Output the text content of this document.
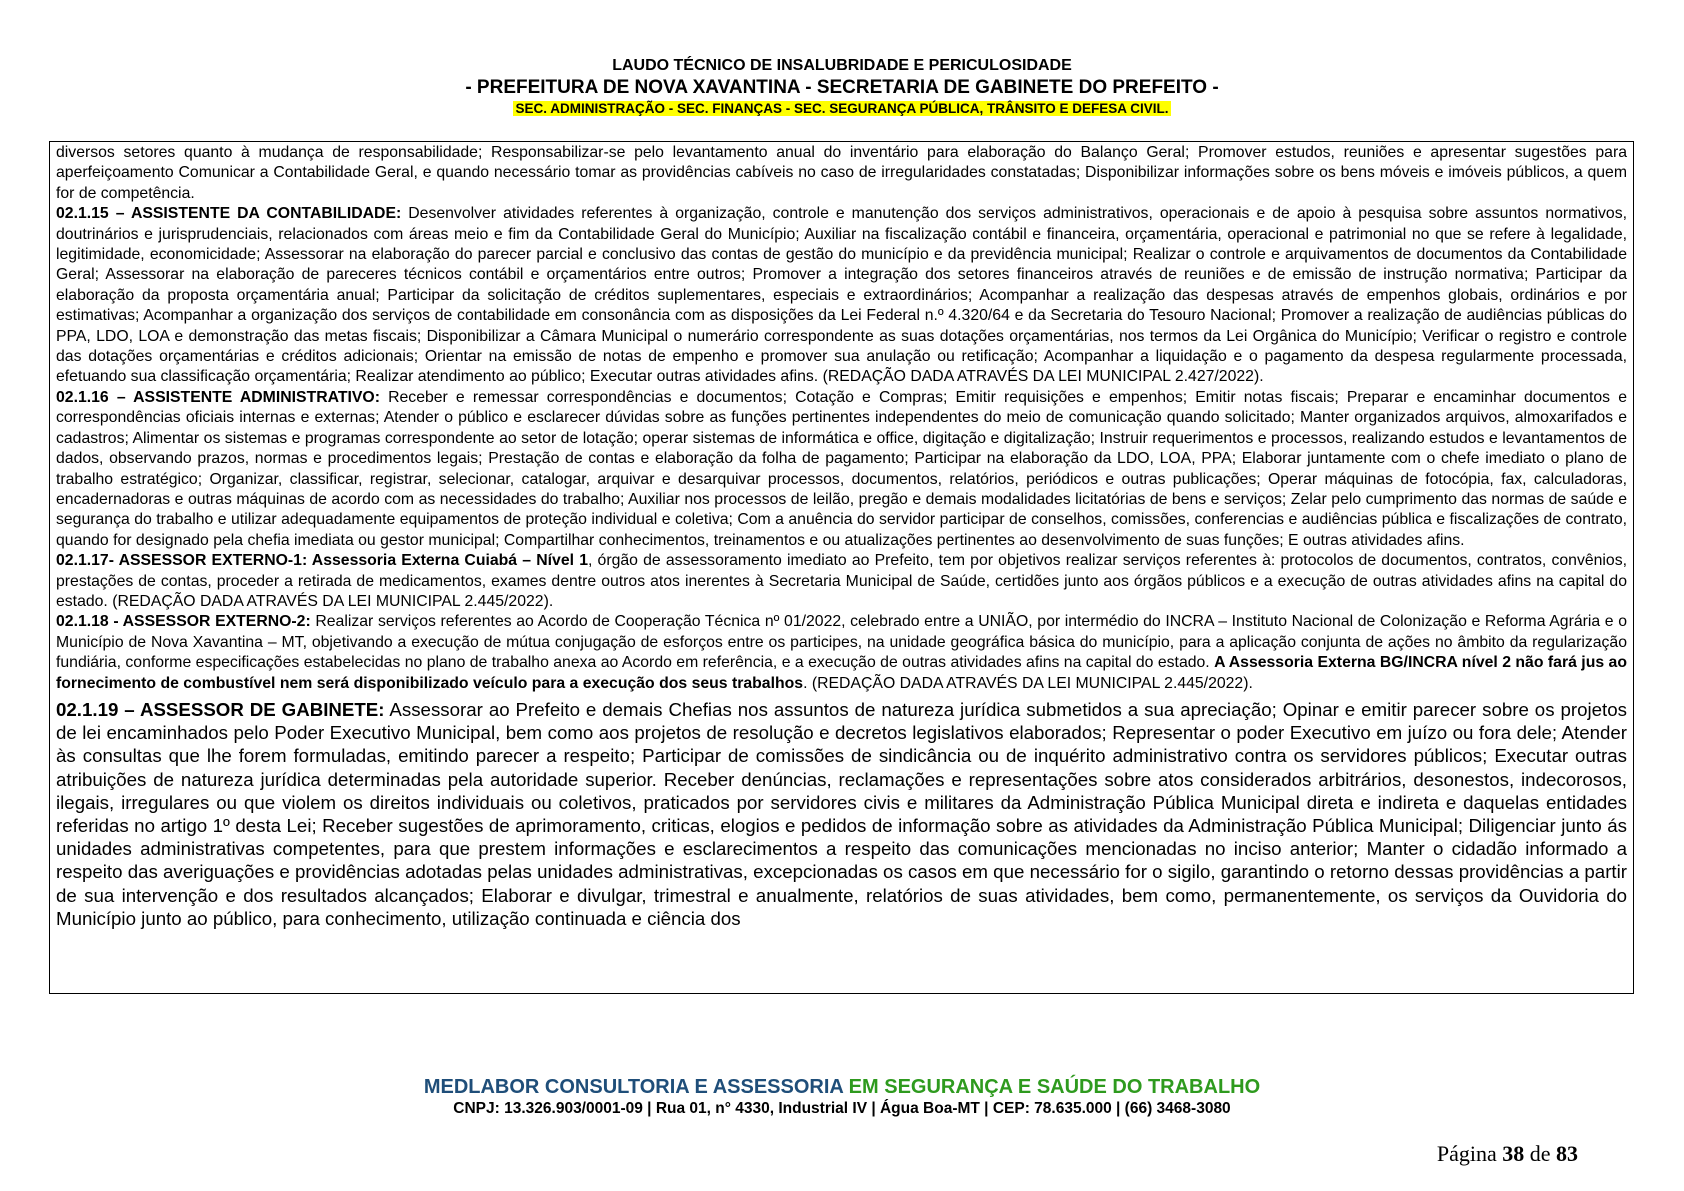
LAUDO TÉCNICO DE INSALUBRIDADE E PERICULOSIDADE
- PREFEITURA DE NOVA XAVANTINA - SECRETARIA DE GABINETE DO PREFEITO -
SEC. ADMINISTRAÇÃO - SEC. FINANÇAS - SEC. SEGURANÇA PÚBLICA, TRÂNSITO E DEFESA CIVIL.

diversos setores quanto à mudança de responsabilidade; Responsabilizar-se pelo levantamento anual do inventário para elaboração do Balanço Geral; Promover estudos, reuniões e apresentar sugestões para aperfeiçoamento Comunicar a Contabilidade Geral, e quando necessário tomar as providências cabíveis no caso de irregularidades constatadas; Disponibilizar informações sobre os bens móveis e imóveis públicos, a quem for de competência.

02.1.15 – ASSISTENTE DA CONTABILIDADE: Desenvolver atividades referentes à organização, controle e manutenção dos serviços administrativos, operacionais e de apoio à pesquisa sobre assuntos normativos, doutrinários e jurisprudenciais, relacionados com áreas meio e fim da Contabilidade Geral do Município; Auxiliar na fiscalização contábil e financeira, orçamentária, operacional e patrimonial no que se refere à legalidade, legitimidade, economicidade; Assessorar na elaboração do parecer parcial e conclusivo das contas de gestão do município e da previdência municipal; Realizar o controle e arquivamentos de documentos da Contabilidade Geral; Assessorar na elaboração de pareceres técnicos contábil e orçamentários entre outros; Promover a integração dos setores financeiros através de reuniões e de emissão de instrução normativa; Participar da elaboração da proposta orçamentária anual; Participar da solicitação de créditos suplementares, especiais e extraordinários; Acompanhar a realização das despesas através de empenhos globais, ordinários e por estimativas; Acompanhar a organização dos serviços de contabilidade em consonância com as disposições da Lei Federal n.º 4.320/64 e da Secretaria do Tesouro Nacional; Promover a realização de audiências públicas do PPA, LDO, LOA e demonstração das metas fiscais; Disponibilizar a Câmara Municipal o numerário correspondente as suas dotações orçamentárias, nos termos da Lei Orgânica do Município; Verificar o registro e controle das dotações orçamentárias e créditos adicionais; Orientar na emissão de notas de empenho e promover sua anulação ou retificação; Acompanhar a liquidação e o pagamento da despesa regularmente processada, efetuando sua classificação orçamentária; Realizar atendimento ao público; Executar outras atividades afins. (REDAÇÃO DADA ATRAVÉS DA LEI MUNICIPAL 2.427/2022).

02.1.16 – ASSISTENTE ADMINISTRATIVO: Receber e remessar correspondências e documentos; Cotação e Compras; Emitir requisições e empenhos; Emitir notas fiscais; Preparar e encaminhar documentos e correspondências oficiais internas e externas; Atender o público e esclarecer dúvidas sobre as funções pertinentes independentes do meio de comunicação quando solicitado; Manter organizados arquivos, almoxarifados e cadastros; Alimentar os sistemas e programas correspondente ao setor de lotação; operar sistemas de informática e office, digitação e digitalização; Instruir requerimentos e processos, realizando estudos e levantamentos de dados, observando prazos, normas e procedimentos legais; Prestação de contas e elaboração da folha de pagamento; Participar na elaboração da LDO, LOA, PPA; Elaborar juntamente com o chefe imediato o plano de trabalho estratégico; Organizar, classificar, registrar, selecionar, catalogar, arquivar e desarquivar processos, documentos, relatórios, periódicos e outras publicações; Operar máquinas de fotocópia, fax, calculadoras, encadernadoras e outras máquinas de acordo com as necessidades do trabalho; Auxiliar nos processos de leilão, pregão e demais modalidades licitatórias de bens e serviços; Zelar pelo cumprimento das normas de saúde e segurança do trabalho e utilizar adequadamente equipamentos de proteção individual e coletiva; Com a anuência do servidor participar de conselhos, comissões, conferencias e audiências pública e fiscalizações de contrato, quando for designado pela chefia imediata ou gestor municipal; Compartilhar conhecimentos, treinamentos e ou atualizações pertinentes ao desenvolvimento de suas funções; E outras atividades afins.

02.1.17- ASSESSOR EXTERNO-1: Assessoria Externa Cuiabá – Nível 1, órgão de assessoramento imediato ao Prefeito, tem por objetivos realizar serviços referentes à: protocolos de documentos, contratos, convênios, prestações de contas, proceder a retirada de medicamentos, exames dentre outros atos inerentes à Secretaria Municipal de Saúde, certidões junto aos órgãos públicos e a execução de outras atividades afins na capital do estado. (REDAÇÃO DADA ATRAVÉS DA LEI MUNICIPAL 2.445/2022).

02.1.18 - ASSESSOR EXTERNO-2: Realizar serviços referentes ao Acordo de Cooperação Técnica nº 01/2022, celebrado entre a UNIÃO, por intermédio do INCRA – Instituto Nacional de Colonização e Reforma Agrária e o Município de Nova Xavantina – MT, objetivando a execução de mútua conjugação de esforços entre os participes, na unidade geográfica básica do município, para a aplicação conjunta de ações no âmbito da regularização fundiária, conforme especificações estabelecidas no plano de trabalho anexa ao Acordo em referência, e a execução de outras atividades afins na capital do estado. A Assessoria Externa BG/INCRA nível 2 não fará jus ao fornecimento de combustível nem será disponibilizado veículo para a execução dos seus trabalhos. (REDAÇÃO DADA ATRAVÉS DA LEI MUNICIPAL 2.445/2022).

02.1.19 – ASSESSOR DE GABINETE: Assessorar ao Prefeito e demais Chefias nos assuntos de natureza jurídica submetidos a sua apreciação; Opinar e emitir parecer sobre os projetos de lei encaminhados pelo Poder Executivo Municipal, bem como aos projetos de resolução e decretos legislativos elaborados; Representar o poder Executivo em juízo ou fora dele; Atender às consultas que lhe forem formuladas, emitindo parecer a respeito; Participar de comissões de sindicância ou de inquérito administrativo contra os servidores públicos; Executar outras atribuições de natureza jurídica determinadas pela autoridade superior. Receber denúncias, reclamações e representações sobre atos considerados arbitrários, desonestos, indecorosos, ilegais, irregulares ou que violem os direitos individuais ou coletivos, praticados por servidores civis e militares da Administração Pública Municipal direta e indireta e daquelas entidades referidas no artigo 1º desta Lei; Receber sugestões de aprimoramento, criticas, elogios e pedidos de informação sobre as atividades da Administração Pública Municipal; Diligenciar junto ás unidades administrativas competentes, para que prestem informações e esclarecimentos a respeito das comunicações mencionadas no inciso anterior; Manter o cidadão informado a respeito das averiguações e providências adotadas pelas unidades administrativas, excepcionadas os casos em que necessário for o sigilo, garantindo o retorno dessas providências a partir de sua intervenção e dos resultados alcançados; Elaborar e divulgar, trimestral e anualmente, relatórios de suas atividades, bem como, permanentemente, os serviços da Ouvidoria do Município junto ao público, para conhecimento, utilização continuada e ciência dos

MEDLABOR CONSULTORIA E ASSESSORIA EM SEGURANÇA E SAÚDE DO TRABALHO
CNPJ: 13.326.903/0001-09 | Rua 01, n° 4330, Industrial IV | Água Boa-MT | CEP: 78.635.000 | (66) 3468-3080
Página 38 de 83
